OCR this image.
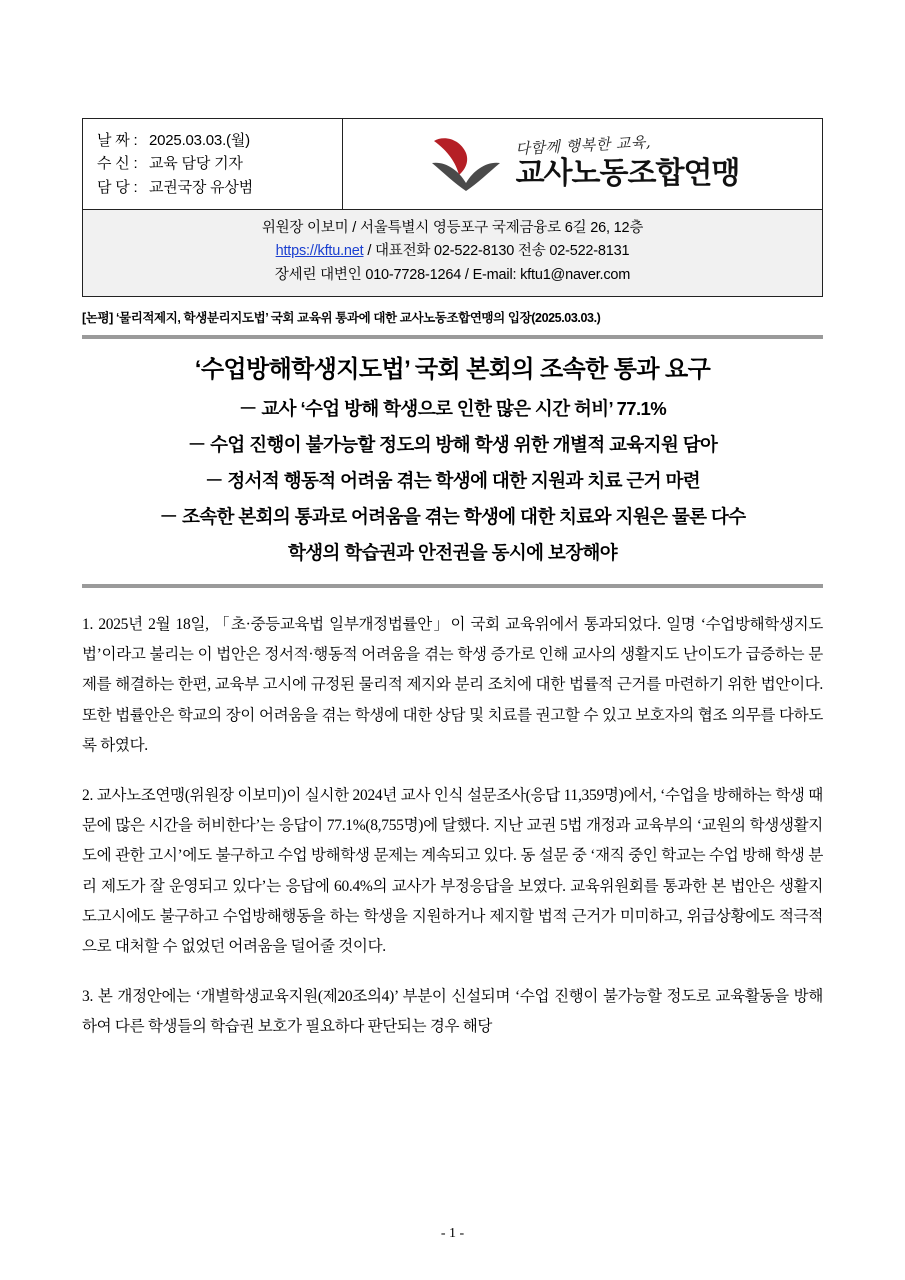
날 짜 : 2025.03.03.(월)
수 신 : 교육 담당 기자
담 당 : 교권국장 유상범

다함께 행복한 교육,
교사노동조합연맹
위원장 이보미 / 서울특별시 영등포구 국제금융로 6길 26, 12층
https://kftu.net / 대표전화 02-522-8130 전송 02-522-8131
장세린 대변인 010-7728-1264 / E-mail: kftu1@naver.com
[논평] ‘물리적제지, 학생분리지도법’ 국회 교육위 통과에 대한 교사노동조합연맹의 입장(2025.03.03.)
‘수업방해학생지도법’ 국회 본회의 조속한 통과 요구
－ 교사 ‘수업 방해 학생으로 인한 많은 시간 허비’ 77.1%
－ 수업 진행이 불가능할 정도의 방해 학생 위한 개별적 교육지원 담아
－ 정서적 행동적 어려움 겪는 학생에 대한 지원과 치료 근거 마련
－ 조속한 본회의 통과로 어려움을 겪는 학생에 대한 치료와 지원은 물론 다수
학생의 학습권과 안전권을 동시에 보장해야

1. 2025년 2월 18일, 「초·중등교육법 일부개정법률안」이 국회 교육위에서 통과되었다. 일명 ‘수업방해학생지도법’이라고 불리는 이 법안은 정서적·행동적 어려움을 겪는 학생 증가로 인해 교사의 생활지도 난이도가 급증하는 문제를 해결하는 한편, 교육부 고시에 규정된 물리적 제지와 분리 조치에 대한 법률적 근거를 마련하기 위한 법안이다. 또한 법률안은 학교의 장이 어려움을 겪는 학생에 대한 상담 및 치료를 권고할 수 있고 보호자의 협조 의무를 다하도록 하였다.

2. 교사노조연맹(위원장 이보미)이 실시한 2024년 교사 인식 설문조사(응답 11,359명)에서, ‘수업을 방해하는 학생 때문에 많은 시간을 허비한다’는 응답이 77.1%(8,755명)에 달했다. 지난 교권 5법 개정과 교육부의 ‘교원의 학생생활지도에 관한 고시’에도 불구하고 수업 방해학생 문제는 계속되고 있다. 동 설문 중 ‘재직 중인 학교는 수업 방해 학생 분리 제도가 잘 운영되고 있다’는 응답에 60.4%의 교사가 부정응답을 보였다. 교육위원회를 통과한 본 법안은 생활지도고시에도 불구하고 수업방해행동을 하는 학생을 지원하거나 제지할 법적 근거가 미미하고, 위급상황에도 적극적으로 대처할 수 없었던 어려움을 덜어줄 것이다.

3. 본 개정안에는 ‘개별학생교육지원(제20조의4)’ 부분이 신설되며 ‘수업 진행이 불가능할 정도로 교육활동을 방해하여 다른 학생들의 학습권 보호가 필요하다 판단되는 경우 해당

- 1 -
